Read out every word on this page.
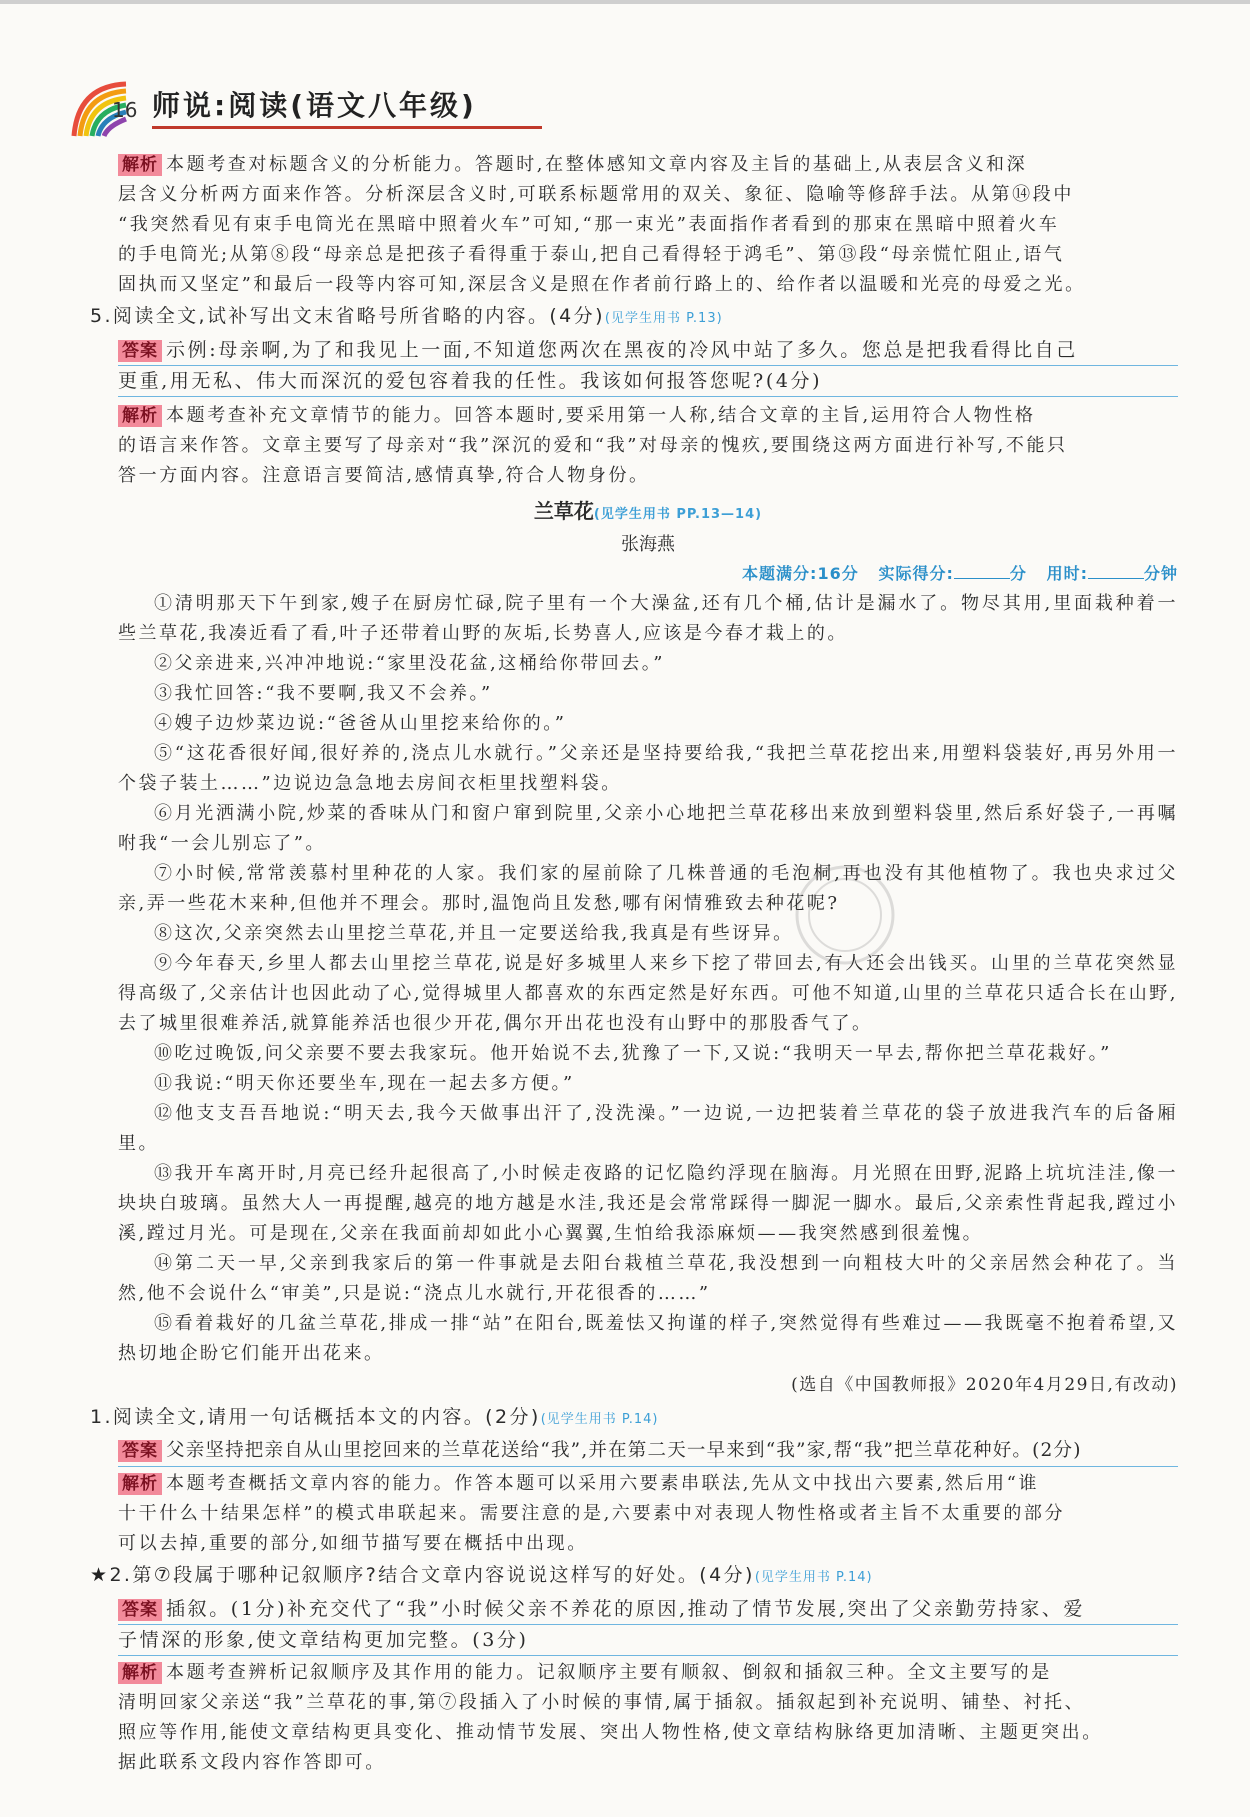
16 师说:阅读(语文八年级)

解析 本题考查对标题含义的分析能力。答题时,在整体感知文章内容及主旨的基础上,从表层含义和深

层含义分析两方面来作答。分析深层含义时,可联系标题常用的双关、象征、隐喻等修辞手法。从第⑭段中

“我突然看见有束手电筒光在黑暗中照着火车”可知,“那一束光”表面指作者看到的那束在黑暗中照着火车

的手电筒光;从第⑧段“母亲总是把孩子看得重于泰山,把自己看得轻于鸿毛”、第⑬段“母亲慌忙阻止,语气

固执而又坚定”和最后一段等内容可知,深层含义是照在作者前行路上的、给作者以温暖和光亮的母爱之光。

5.阅读全文,试补写出文末省略号所省略的内容。(4分)(见学生用书 P.13)

答案 示例:母亲啊,为了和我见上一面,不知道您两次在黑夜的冷风中站了多久。您总是把我看得比自己

更重,用无私、伟大而深沉的爱包容着我的任性。我该如何报答您呢?(4分)

解析 本题考查补充文章情节的能力。回答本题时,要采用第一人称,结合文章的主旨,运用符合人物性格

的语言来作答。文章主要写了母亲对“我”深沉的爱和“我”对母亲的愧疚,要围绕这两方面进行补写,不能只

答一方面内容。注意语言要简洁,感情真挚,符合人物身份。

兰草花(见学生用书 PP.13—14)
张海燕
本题满分:16分 实际得分:	分 用时:	分钟

①清明那天下午到家,嫂子在厨房忙碌,院子里有一个大澡盆,还有几个桶,估计是漏水了。物尽其用,里面栽种着一些兰草花,我凑近看了看,叶子还带着山野的灰垢,长势喜人,应该是今春才栽上的。

②父亲进来,兴冲冲地说:“家里没花盆,这桶给你带回去。”

③我忙回答:“我不要啊,我又不会养。”

④嫂子边炒菜边说:“爸爸从山里挖来给你的。”

⑤“这花香很好闻,很好养的,浇点儿水就行。”父亲还是坚持要给我,“我把兰草花挖出来,用塑料袋装好,再另外用一个袋子装土……”边说边急急地去房间衣柜里找塑料袋。

⑥月光洒满小院,炒菜的香味从门和窗户窜到院里,父亲小心地把兰草花移出来放到塑料袋里,然后系好袋子,一再嘱咐我“一会儿别忘了”。

⑦小时候,常常羡慕村里种花的人家。我们家的屋前除了几株普通的毛泡桐,再也没有其他植物了。我也央求过父亲,弄一些花木来种,但他并不理会。那时,温饱尚且发愁,哪有闲情雅致去种花呢?

⑧这次,父亲突然去山里挖兰草花,并且一定要送给我,我真是有些讶异。

⑨今年春天,乡里人都去山里挖兰草花,说是好多城里人来乡下挖了带回去,有人还会出钱买。山里的兰草花突然显得高级了,父亲估计也因此动了心,觉得城里人都喜欢的东西定然是好东西。可他不知道,山里的兰草花只适合长在山野,去了城里很难养活,就算能养活也很少开花,偶尔开出花也没有山野中的那股香气了。

⑩吃过晚饭,问父亲要不要去我家玩。他开始说不去,犹豫了一下,又说:“我明天一早去,帮你把兰草花栽好。”

⑪我说:“明天你还要坐车,现在一起去多方便。”

⑫他支支吾吾地说:“明天去,我今天做事出汗了,没洗澡。”一边说,一边把装着兰草花的袋子放进我汽车的后备厢里。

⑬我开车离开时,月亮已经升起很高了,小时候走夜路的记忆隐约浮现在脑海。月光照在田野,泥路上坑坑洼洼,像一块块白玻璃。虽然大人一再提醒,越亮的地方越是水洼,我还是会常常踩得一脚泥一脚水。最后,父亲索性背起我,蹚过小溪,蹚过月光。可是现在,父亲在我面前却如此小心翼翼,生怕给我添麻烦——我突然感到很羞愧。

⑭第二天一早,父亲到我家后的第一件事就是去阳台栽植兰草花,我没想到一向粗枝大叶的父亲居然会种花了。当然,他不会说什么“审美”,只是说:“浇点儿水就行,开花很香的……”

⑮看着栽好的几盆兰草花,排成一排“站”在阳台,既羞怯又拘谨的样子,突然觉得有些难过——我既毫不抱着希望,又热切地企盼它们能开出花来。

(选自《中国教师报》2020年4月29日,有改动)

1.阅读全文,请用一句话概括本文的内容。(2分)(见学生用书 P.14)

答案 父亲坚持把亲自从山里挖回来的兰草花送给“我”,并在第二天一早来到“我”家,帮“我”把兰草花种好。(2分)

解析 本题考查概括文章内容的能力。作答本题可以采用六要素串联法,先从文中找出六要素,然后用“谁

十干什么十结果怎样”的模式串联起来。需要注意的是,六要素中对表现人物性格或者主旨不太重要的部分

可以去掉,重要的部分,如细节描写要在概括中出现。

★2.第⑦段属于哪种记叙顺序?结合文章内容说说这样写的好处。(4分)(见学生用书 P.14)

答案 插叙。(1分)补充交代了“我”小时候父亲不养花的原因,推动了情节发展,突出了父亲勤劳持家、爱

子情深的形象,使文章结构更加完整。(3分)

解析 本题考查辨析记叙顺序及其作用的能力。记叙顺序主要有顺叙、倒叙和插叙三种。全文主要写的是

清明回家父亲送“我”兰草花的事,第⑦段插入了小时候的事情,属于插叙。插叙起到补充说明、铺垫、衬托、

照应等作用,能使文章结构更具变化、推动情节发展、突出人物性格,使文章结构脉络更加清晰、主题更突出。

据此联系文段内容作答即可。
